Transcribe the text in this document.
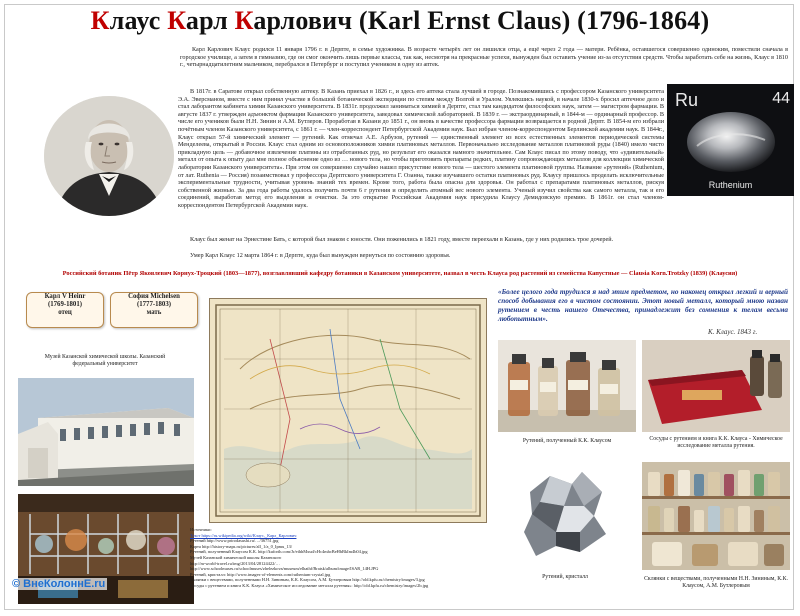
Клаус Карл Карлович (Karl Ernst Claus) (1796-1864)
Карл Карлович Клаус родился 11 января 1796 г. в Дерпте, в семье художника. В возрасте четырёх лет он лишился отца, а ещё через 2 года — матери. Ребёнка, оставшегося совершенно одиноким, поместили сначала в городское училище, а затем в гимназию, где он смог окончить лишь первые классы, так как, несмотря на прекрасные успехи, вынужден был оставить учение из-за отсутствия средств. Чтобы заработать себе на жизнь, Клаус в 1810 г., четырнадцатилетним мальчиком, перебрался в Петербург и поступил учеником в одну из аптек.
В 1817г. в Саратове открыл собственную аптеку. В Казань приехал в 1826 г., и здесь его аптека стала лучшей в городе. Познакомившись с профессором Казанского университета Э.А. Эверсманом, вместе с ним принял участие в большой ботанической экспедиции по степям между Волгой и Уралом. Увлекшись наукой, в начале 1830-х бросил аптечное дело и стал лаборантом кабинета химии Казанского университета. В 1831г. продолжил заниматься химией в Дерпте, стал там кандидатом философских наук, затем — магистром фармации. В августе 1837 г. утвержден адъюнктом фармации Казанского университета, заведовал химической лабораторией. В 1839 г. — экстраординарный, в 1844-м — ординарный профессор. В числе его учеников были Н.Н. Зинин и А.М. Бутлеров. Проработав в Казани до 1851 г., он вновь в качестве профессора фармации возвращается в родной Дерпт. В 1854-м его избрали почётным членом Казанского университета, с 1861 г. — член-корреспондент Петербургской Академии наук. Был избран членом-корреспондентом Берлинской академии наук. В 1844г., Клаус открыл 57-й химический элемент — рутений. Как отмечал А.Е. Арбузов, рутений — единственный элемент из всех естественных элементов периодической системы Менделеева, открытый в России. Клаус стал одним из основоположников химии платиновых металлов. Первоначально исследование металлов платиновой руды (1840) имело чисто прикладную цель — добавочное извлечение платины из отработанных руд, но результат его оказался намного значительнее. Сам Клаус писал по этому поводу, что «удивительный» металл от опыта к опыту дал мне полное объяснение одно из … нового тела, но чтобы приготовить препараты редких, платину сопровождающих металлов для коллекции химической лаборатории Казанского университета». При этом он совершенно случайно нашел присутствие нового тела — шестого элемента платиновой группы. Название «рутений» (Ruthenium, от лат. Ruthenia — Россия) позаимствовал у профессора Дерптского университета Г. Озанна, также изучавшего остатки платиновых руд. Клаусу пришлось проделать исключительные экспериментальные трудности, учитывая уровень знаний тех времен. Кроме того, работа была опасна для здоровья. Он работал с препаратами платиновых металлов, рискуя собственной жизнью. За два года работы удалось получить почти 6 г рутения и определить атомный вес нового элемента. Ученый изучил свойства как самого металла, так и его соединений, выработав метод его выделения и очистки. За это открытие Российская Академия наук присудила Клаусу Демидовскую премию. В 1861г. он стал членом-корреспондентом Петербургской Академии наук.
Клаус был женат на Эрнестине Бать, с которой был знаком с юности. Они поженились в 1821 году, вместе переехали в Казань, где у них родились трое дочерей.
Умер Карл Клаус 12 марта 1864 г. в Дерпте, куда был вынужден вернуться по состоянию здоровья.
Ru	44
Ruthenium
Российский ботаник Пётр Яковлевич Корнух-Троцкий (1803—1877), возглавлявший кафедру ботаники в Казанском университете, назвал в честь Клауса род растений из семейства Капустные — Clausia Korn.Trotzky (1839) (Клаусия)
Карл V Heinr
(1769-1801)
отец
София Michelsen
(1777-1803)
мать
Музей Казанской химической школы. Казанский федеральный университет
© ВнеКолоннЕ.ru
Источники:
Текст https://ru.wikipedia.org/wiki/Клаус,_Карл_Карлович
Рутений http://www.prirodasushi.ru/…/36751.jpg
Карта http://history-maps.ru/pictures/all_1/a_0_Ipmu_13/
Рутений, полученный Клаусом К.К. http://kuforth.com/Jr/eihhMxud/cHc4mhcBeHbBkIm4b04.jpg
Музей Казанской химической школы Казанского
http://m-world-travel.ru/img/2013/04/28124422/…
http://www.schoolmuses.ru/schoolmuses/zhelezkova/museum/elhathf/Bratsk/album/image/ISAR_14H.JPG
Рутений, кристалл: http://www.images-of-elements.com/ruthenium-crystal.jpg
Склянки с веществами, полученными Н.Н. Зининым, К.К. Клаусом, А.М. Бутлеровым http://old.kpfu.ru/chemistry/images/3.jpg
Сосуды с рутением и книга К.К. Клауса «Химическое исследование металла рутения»: http://old.kpfu.ru/chemistry/images/2b.jpg
«Более целого года трудился я над этим предметом, но наконец открыл легкий и верный способ добывания его в чистом состоянии. Этот новый металл, который мною назван рутением в честь нашего Отечества, принадлежит без сомнения к телам весьма любопытным».
К. Клаус. 1843 г.
Рутений, полученный К.К. Клаусом	Сосуды с рутением и книга К.К. Клауса - Химическое исследование металла рутения.
Рутений, кристалл	Склянки с веществами, полученными Н.Н. Зининым, К.К. Клаусом, А.М. Бутлеровым
